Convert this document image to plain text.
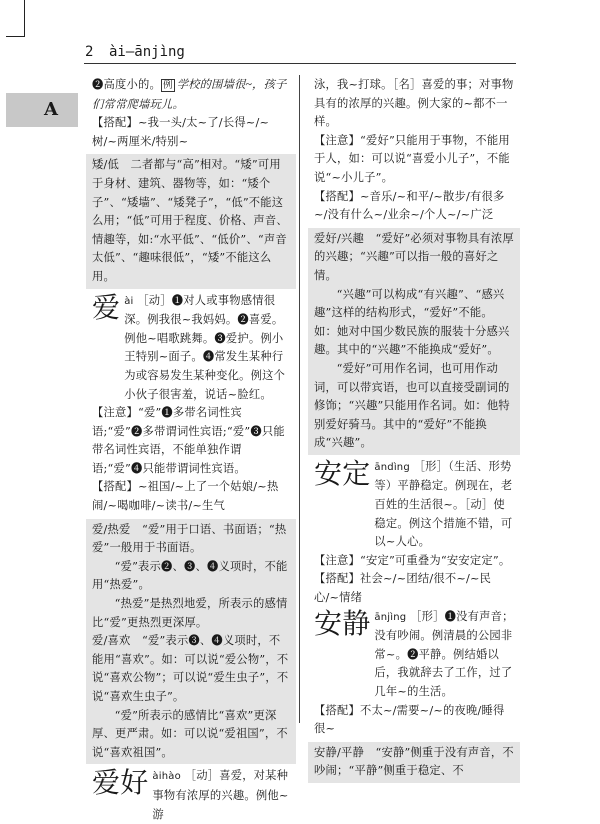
2 ài–ānjìng
A

❷高度小的。 例 学校的围墙很~，孩子们常常爬墙玩儿。

【搭配】~我一头/太~了/长得~/~树/~两厘米/特别~

矮/低　二者都与“高”相对。“矮”可用于身材、建筑、器物等，如：“矮个子”、“矮墙”、“矮凳子”，“低”不能这么用；“低”可用于程度、价格、声音、情趣等，如:“水平低”、“低价”、“声音太低”、“趣味很低”，“矮”不能这么用。

爱 ài ［动］❶对人或事物感情很深。例我很~我妈妈。❷喜爱。例他~唱歌跳舞。❸爱护。例小王特别~面子。❹常发生某种行为或容易发生某种变化。例这个小伙子很害羞，说话~脸红。

【注意】“爱”❶多带名词性宾语;“爱”❷多带谓词性宾语;“爱”❸只能带名词性宾语，不能单独作谓语;“爱”❹只能带谓词性宾语。

【搭配】~祖国/~上了一个姑娘/~热闹/~喝咖啡/~读书/~生气

爱/热爱　“爱”用于口语、书面语；“热爱”一般用于书面语。

“爱”表示❷、❸、❹义项时，不能用“热爱”。

“热爱”是热烈地爱，所表示的感情比“爱”更热烈更深厚。

爱/喜欢　“爱”表示❸、❹义项时，不能用“喜欢”。如：可以说“爱公物”，不说“喜欢公物”；可以说“爱生虫子”，不说“喜欢生虫子”。

“爱”所表示的感情比“喜欢”更深厚、更严肃。如：可以说“爱祖国”，不说“喜欢祖国”。

爱好 àihào ［动］喜爱，对某种事物有浓厚的兴趣。例他~游

泳，我~打球。［名］喜爱的事；对事物具有的浓厚的兴趣。例大家的~都不一样。

【注意】“爱好”只能用于事物，不能用于人，如：可以说“喜爱小儿子”，不能说“~小儿子”。

【搭配】~音乐/~和平/~散步/有很多~/没有什么~/业余~/个人~/~广泛

爱好/兴趣　“爱好”必须对事物具有浓厚的兴趣；“兴趣”可以指一般的喜好之情。

“兴趣”可以构成“有兴趣”、“感兴趣”这样的结构形式，“爱好”不能。如：她对中国少数民族的服装十分感兴趣。其中的“兴趣”不能换成“爱好”。

“爱好”可用作名词，也可用作动词，可以带宾语，也可以直接受副词的修饰；“兴趣”只能用作名词。如：他特别爱好骑马。其中的“爱好”不能换成“兴趣”。

安定 āndìng ［形］（生活、形势等）平静稳定。例现在，老百姓的生活很~。［动］使稳定。例这个措施不错，可以~人心。

【注意】“安定”可重叠为“安安定定”。

【搭配】社会~/~团结/很不~/~民心/~情绪

安静 ānjìng ［形］❶没有声音；没有吵闹。例清晨的公园非常~。❷平静。例结婚以后，我就辞去了工作，过了几年~的生活。

【搭配】不太~/需要~/~的夜晚/睡得很~

安静/平静　“安静”侧重于没有声音，不吵闹；“平静”侧重于稳定、不
